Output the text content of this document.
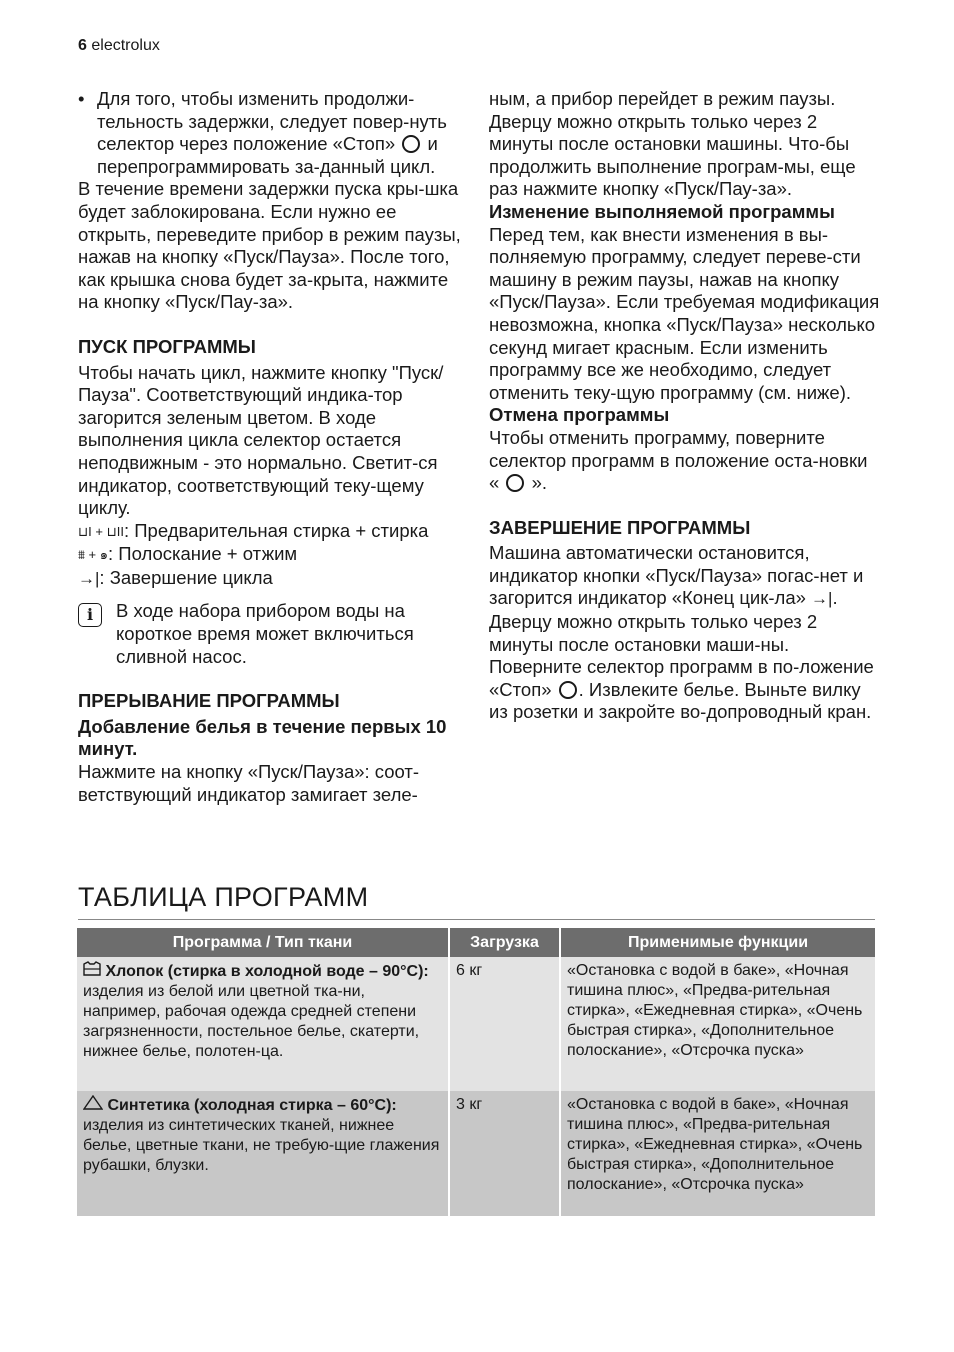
6 electrolux

• Для того, чтобы изменить продолжи-тельность задержки, следует повер-нуть селектор через положение «Стоп» и перепрограммировать за-данный цикл.

В течение времени задержки пуска кры-шка будет заблокирована. Если нужно ее открыть, переведите прибор в режим паузы, нажав на кнопку «Пуск/Пауза». После того, как крышка снова будет за-крыта, нажмите на кнопку «Пуск/Пау-за».

ПУСК ПРОГРАММЫ

Чтобы начать цикл, нажмите кнопку "Пуск/Пауза". Соответствующий индика-тор загорится зеленым цветом. В ходе выполнения цикла селектор остается неподвижным - это нормально. Светит-ся индикатор, соответствующий теку-щему циклу.

⊔I + ⊔II: Предварительная стирка + стирка

⩩ + ๑: Полоскание + отжим

→|: Завершение цикла

i	В ходе набора прибором воды на короткое время может включиться сливной насос.

ПРЕРЫВАНИЕ ПРОГРАММЫ

Добавление белья в течение первых 10 минут.

Нажмите на кнопку «Пуск/Пауза»: соот-ветствующий индикатор замигает зеле-

ным, а прибор перейдет в режим паузы. Дверцу можно открыть только через 2 минуты после остановки машины. Что-бы продолжить выполнение програм-мы, еще раз нажмите кнопку «Пуск/Пау-за».

Изменение выполняемой программы

Перед тем, как внести изменения в вы-полняемую программу, следует переве-сти машину в режим паузы, нажав на кнопку «Пуск/Пауза». Если требуемая модификация невозможна, кнопка «Пуск/Пауза» несколько секунд мигает красным. Если изменить программу все же необходимо, следует отменить теку-щую программу (см. ниже).

Отмена программы

Чтобы отменить программу, поверните селектор программ в положение оста-новки « ».

ЗАВЕРШЕНИЕ ПРОГРАММЫ

Машина автоматически остановится, индикатор кнопки «Пуск/Пауза» погас-нет и загорится индикатор «Конец цик-ла» →|. Дверцу можно открыть только через 2 минуты после остановки маши-ны. Поверните селектор программ в по-ложение «Стоп» . Извлеките белье. Выньте вилку из розетки и закройте во-допроводный кран.

ТАБЛИЦА ПРОГРАММ
Программа / Тип ткани	Загрузка	Применимые функции
Хлопок (стирка в холодной воде – 90°C): изделия из белой или цветной тка-ни, например, рабочая одежда средней степени загрязненности, постельное белье, скатерти, нижнее белье, полотен-ца.	6 кг	«Остановка с водой в баке», «Ночная тишина плюс», «Предва-рительная стирка», «Ежедневная стирка», «Очень быстрая стирка», «Дополнительное полоскание», «Отсрочка пуска»
Синтетика (холодная стирка – 60°C): изделия из синтетических тканей, нижнее белье, цветные ткани, не требую-щие глажения рубашки, блузки.	3 кг	«Остановка с водой в баке», «Ночная тишина плюс», «Предва-рительная стирка», «Ежедневная стирка», «Очень быстрая стирка», «Дополнительное полоскание», «Отсрочка пуска»
